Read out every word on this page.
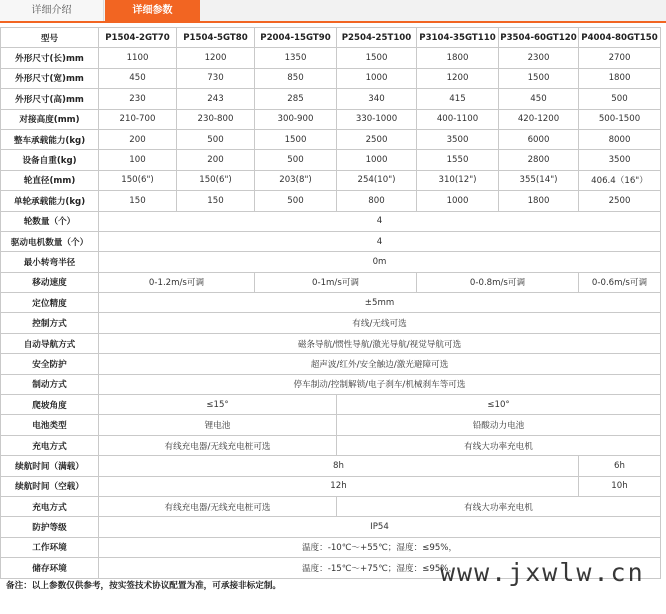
详细介绍	详细参数
型号	P1504-2GT70	P1504-5GT80	P2004-15GT90	P2504-25T100	P3104-35GT110	P3504-60GT120	P4004-80GT150
外形尺寸(长)mm	1100	1200	1350	1500	1800	2300	2700
外形尺寸(宽)mm	450	730	850	1000	1200	1500	1800
外形尺寸(高)mm	230	243	285	340	415	450	500
对接高度(mm)	210-700	230-800	300-900	330-1000	400-1100	420-1200	500-1500
整车承载能力(kg)	200	500	1500	2500	3500	6000	8000
设备自重(kg)	100	200	500	1000	1550	2800	3500
轮直径(mm)	150(6")	150(6")	203(8")	254(10")	310(12")	355(14")	406.4（16"）
单轮承载能力(kg)	150	150	500	800	1000	1800	2500
轮数量（个）	4						
驱动电机数量（个）	4						
最小转弯半径	0m						
移动速度	0-1.2m/s可调		0-1m/s可调		0-0.8m/s可调		0-0.6m/s可调
定位精度	±5mm						
控制方式	有线/无线可选						
自动导航方式	磁条导航/惯性导航/激光导航/视觉导航可选						
安全防护	超声波/红外/安全触边/激光避障可选						
制动方式	停车制动/控制解锁/电子刹车/机械刹车等可选						
爬坡角度	≤15°			≤10°			
电池类型	锂电池			铅酸动力电池			
充电方式	有线充电器/无线充电桩可选			有线大功率充电机			
续航时间（满载）	8h						6h
续航时间（空载）	12h						10h
充电方式	有线充电器/无线充电桩可选			有线大功率充电机			
防护等级	IP54						
工作环境	温度：-10℃～+55℃；湿度：≤95%，						
储存环境	温度：-15℃～+75℃；湿度：≤95%，						
备注：以上参数仅供参考，按实签技术协议配置为准，可承接非标定制。	www.jxwlw.cn
